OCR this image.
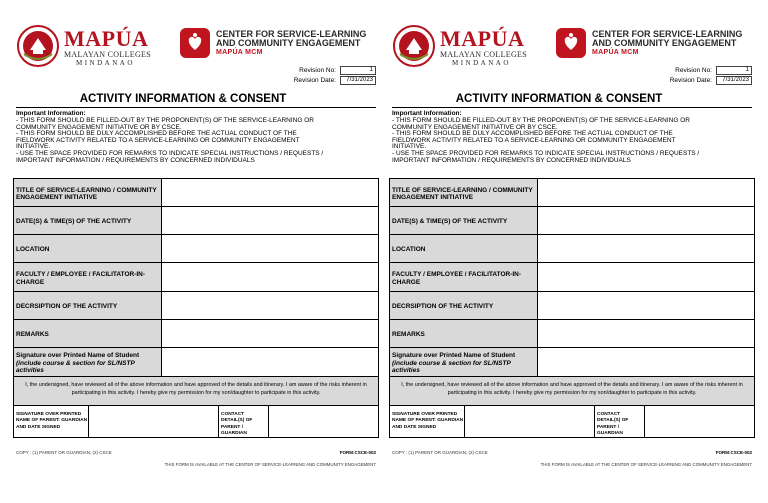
MAPÚA
MALAYAN COLLEGES
MINDANAO
CENTER FOR SERVICE-LEARNING
AND COMMUNITY ENGAGEMENT
MAPÚA MCM
Revision No:	1
Revision Date:	7/31/2023
ACTIVITY INFORMATION & CONSENT
Important Information:
- THIS FORM SHOULD BE FILLED-OUT BY THE PROPONENT(S) OF THE SERVICE-LEARNING OR
COMMUNITY ENGAGEMENT INITIATIVE OR BY CSCE.
- THIS FORM SHOULD BE DULY ACCOMPLISHED BEFORE THE ACTUAL CONDUCT OF THE
FIELDWORK ACTIVITY RELATED TO A SERVICE-LEARNING OR COMMUNITY ENGAGEMENT
INITIATIVE.
- USE THE SPACE PROVIDED FOR REMARKS TO INDICATE SPECIAL INSTRUCTIONS / REQUESTS /
IMPORTANT INFORMATION / REQUIREMENTS BY CONCERNED INDIVIDUALS
TITLE OF SERVICE-LEARNING / COMMUNITY ENGAGEMENT INITIATIVE
DATE(S) & TIME(S) OF THE ACTIVITY
LOCATION
FACULTY / EMPLOYEE / FACILITATOR-IN-CHARGE
DECRSIPTION OF THE ACTIVITY
REMARKS
Signature over Printed Name of Student
(include course & section for SL/NSTP activities
I, the undersigned, have reviewed all of the above information and have approved of the details and itinerary. I am aware of the risks inherent in participating in this activity. I hereby give my permission for my son/daughter to participate in this activity.
SIGNATURE OVER PRINTED NAME OF PARENT: GUARDIAN AND DATE SIGNED
CONTACT DETAIL(S) OF PARENT / GUARDIAN
COPY : (1) PARENT OR GUARDIAN; (2) CSCE	FORM:CSCE-002
THIS FORM IS AVAILABLE AT THE CENTER OF SERVICE-LEARNING AND COMMUNITY ENGAGEMENT
MAPÚA
MALAYAN COLLEGES
MINDANAO
CENTER FOR SERVICE-LEARNING
AND COMMUNITY ENGAGEMENT
MAPÚA MCM
Revision No:	1
Revision Date:	7/31/2023
ACTIVITY INFORMATION & CONSENT
Important Information:
- THIS FORM SHOULD BE FILLED-OUT BY THE PROPONENT(S) OF THE SERVICE-LEARNING OR
COMMUNITY ENGAGEMENT INITIATIVE OR BY CSCE.
- THIS FORM SHOULD BE DULY ACCOMPLISHED BEFORE THE ACTUAL CONDUCT OF THE
FIELDWORK ACTIVITY RELATED TO A SERVICE-LEARNING OR COMMUNITY ENGAGEMENT
INITIATIVE.
- USE THE SPACE PROVIDED FOR REMARKS TO INDICATE SPECIAL INSTRUCTIONS / REQUESTS /
IMPORTANT INFORMATION / REQUIREMENTS BY CONCERNED INDIVIDUALS
TITLE OF SERVICE-LEARNING / COMMUNITY ENGAGEMENT INITIATIVE
DATE(S) & TIME(S) OF THE ACTIVITY
LOCATION
FACULTY / EMPLOYEE / FACILITATOR-IN-CHARGE
DECRSIPTION OF THE ACTIVITY
REMARKS
Signature over Printed Name of Student
(include course & section for SL/NSTP activities
I, the undersigned, have reviewed all of the above information and have approved of the details and itinerary. I am aware of the risks inherent in participating in this activity. I hereby give my permission for my son/daughter to participate in this activity.
SIGNATURE OVER PRINTED NAME OF PARENT: GUARDIAN AND DATE SIGNED
CONTACT DETAIL(S) OF PARENT / GUARDIAN
COPY : (1) PARENT OR GUARDIAN; (2) CSCE	FORM:CSCE-002
THIS FORM IS AVAILABLE AT THE CENTER OF SERVICE-LEARNING AND COMMUNITY ENGAGEMENT
